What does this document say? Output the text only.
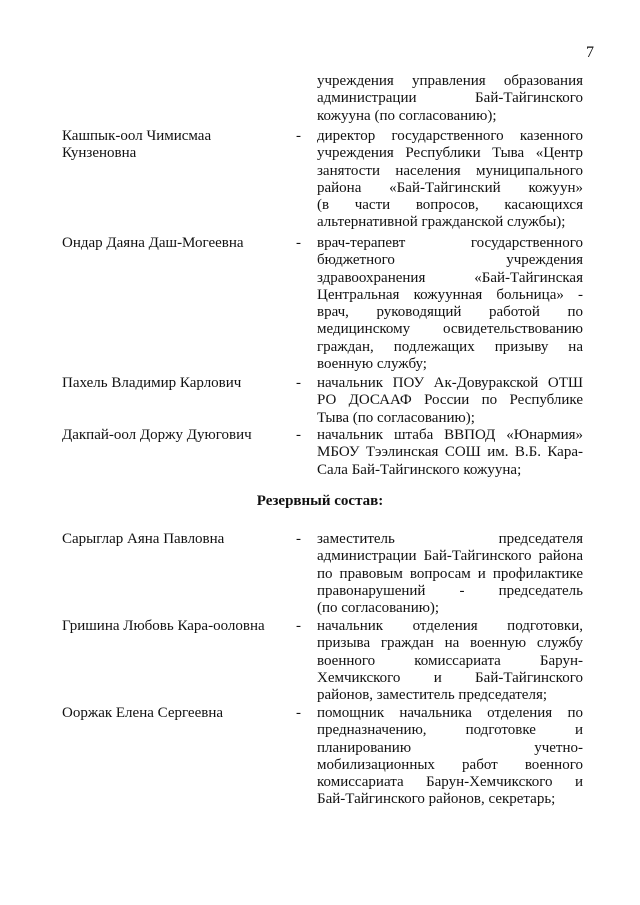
7
учреждения управления образования
администрации Бай-Тайгинского
кожууна (по согласованию);
Кашпык-оол Чимисмаа
Кунзеновна
- директор государственного казенного
учреждения Республики Тыва «Центр
занятости населения муниципального
района «Бай-Тайгинский кожуун»
(в части вопросов, касающихся
альтернативной гражданской службы);
Ондар Даяна Даш-Могеевна	- врач-терапевт государственного
бюджетного учреждения
здравоохранения «Бай-Тайгинская
Центральная кожуунная больница» -
врач, руководящий работой по
медицинскому освидетельствованию
граждан, подлежащих призыву на
военную службу;
Пахель Владимир Карлович	- начальник ПОУ Ак-Довуракской ОТШ
РО ДОСААФ России по Республике
Тыва (по согласованию);
Дакпай-оол Доржу Дуюгович	- начальник штаба ВВПОД «Юнармия»
МБОУ Тээлинская СОШ им. В.Б. Кара-
Сала Бай-Тайгинского кожууна;
Резервный состав:
Сарыглар Аяна Павловна	- заместитель председателя
администрации Бай-Тайгинского района
по правовым вопросам и профилактике
правонарушений - председатель
(по согласованию);
Гришина Любовь Кара-ооловна	- начальник отделения подготовки,
призыва граждан на военную службу
военного комиссариата Барун-
Хемчикского и Бай-Тайгинского
районов, заместитель председателя;
Ооржак Елена Сергеевна	- помощник начальника отделения по
предназначению, подготовке и
планированию учетно-
мобилизационных работ военного
комиссариата Барун-Хемчикского и
Бай-Тайгинского районов, секретарь;
